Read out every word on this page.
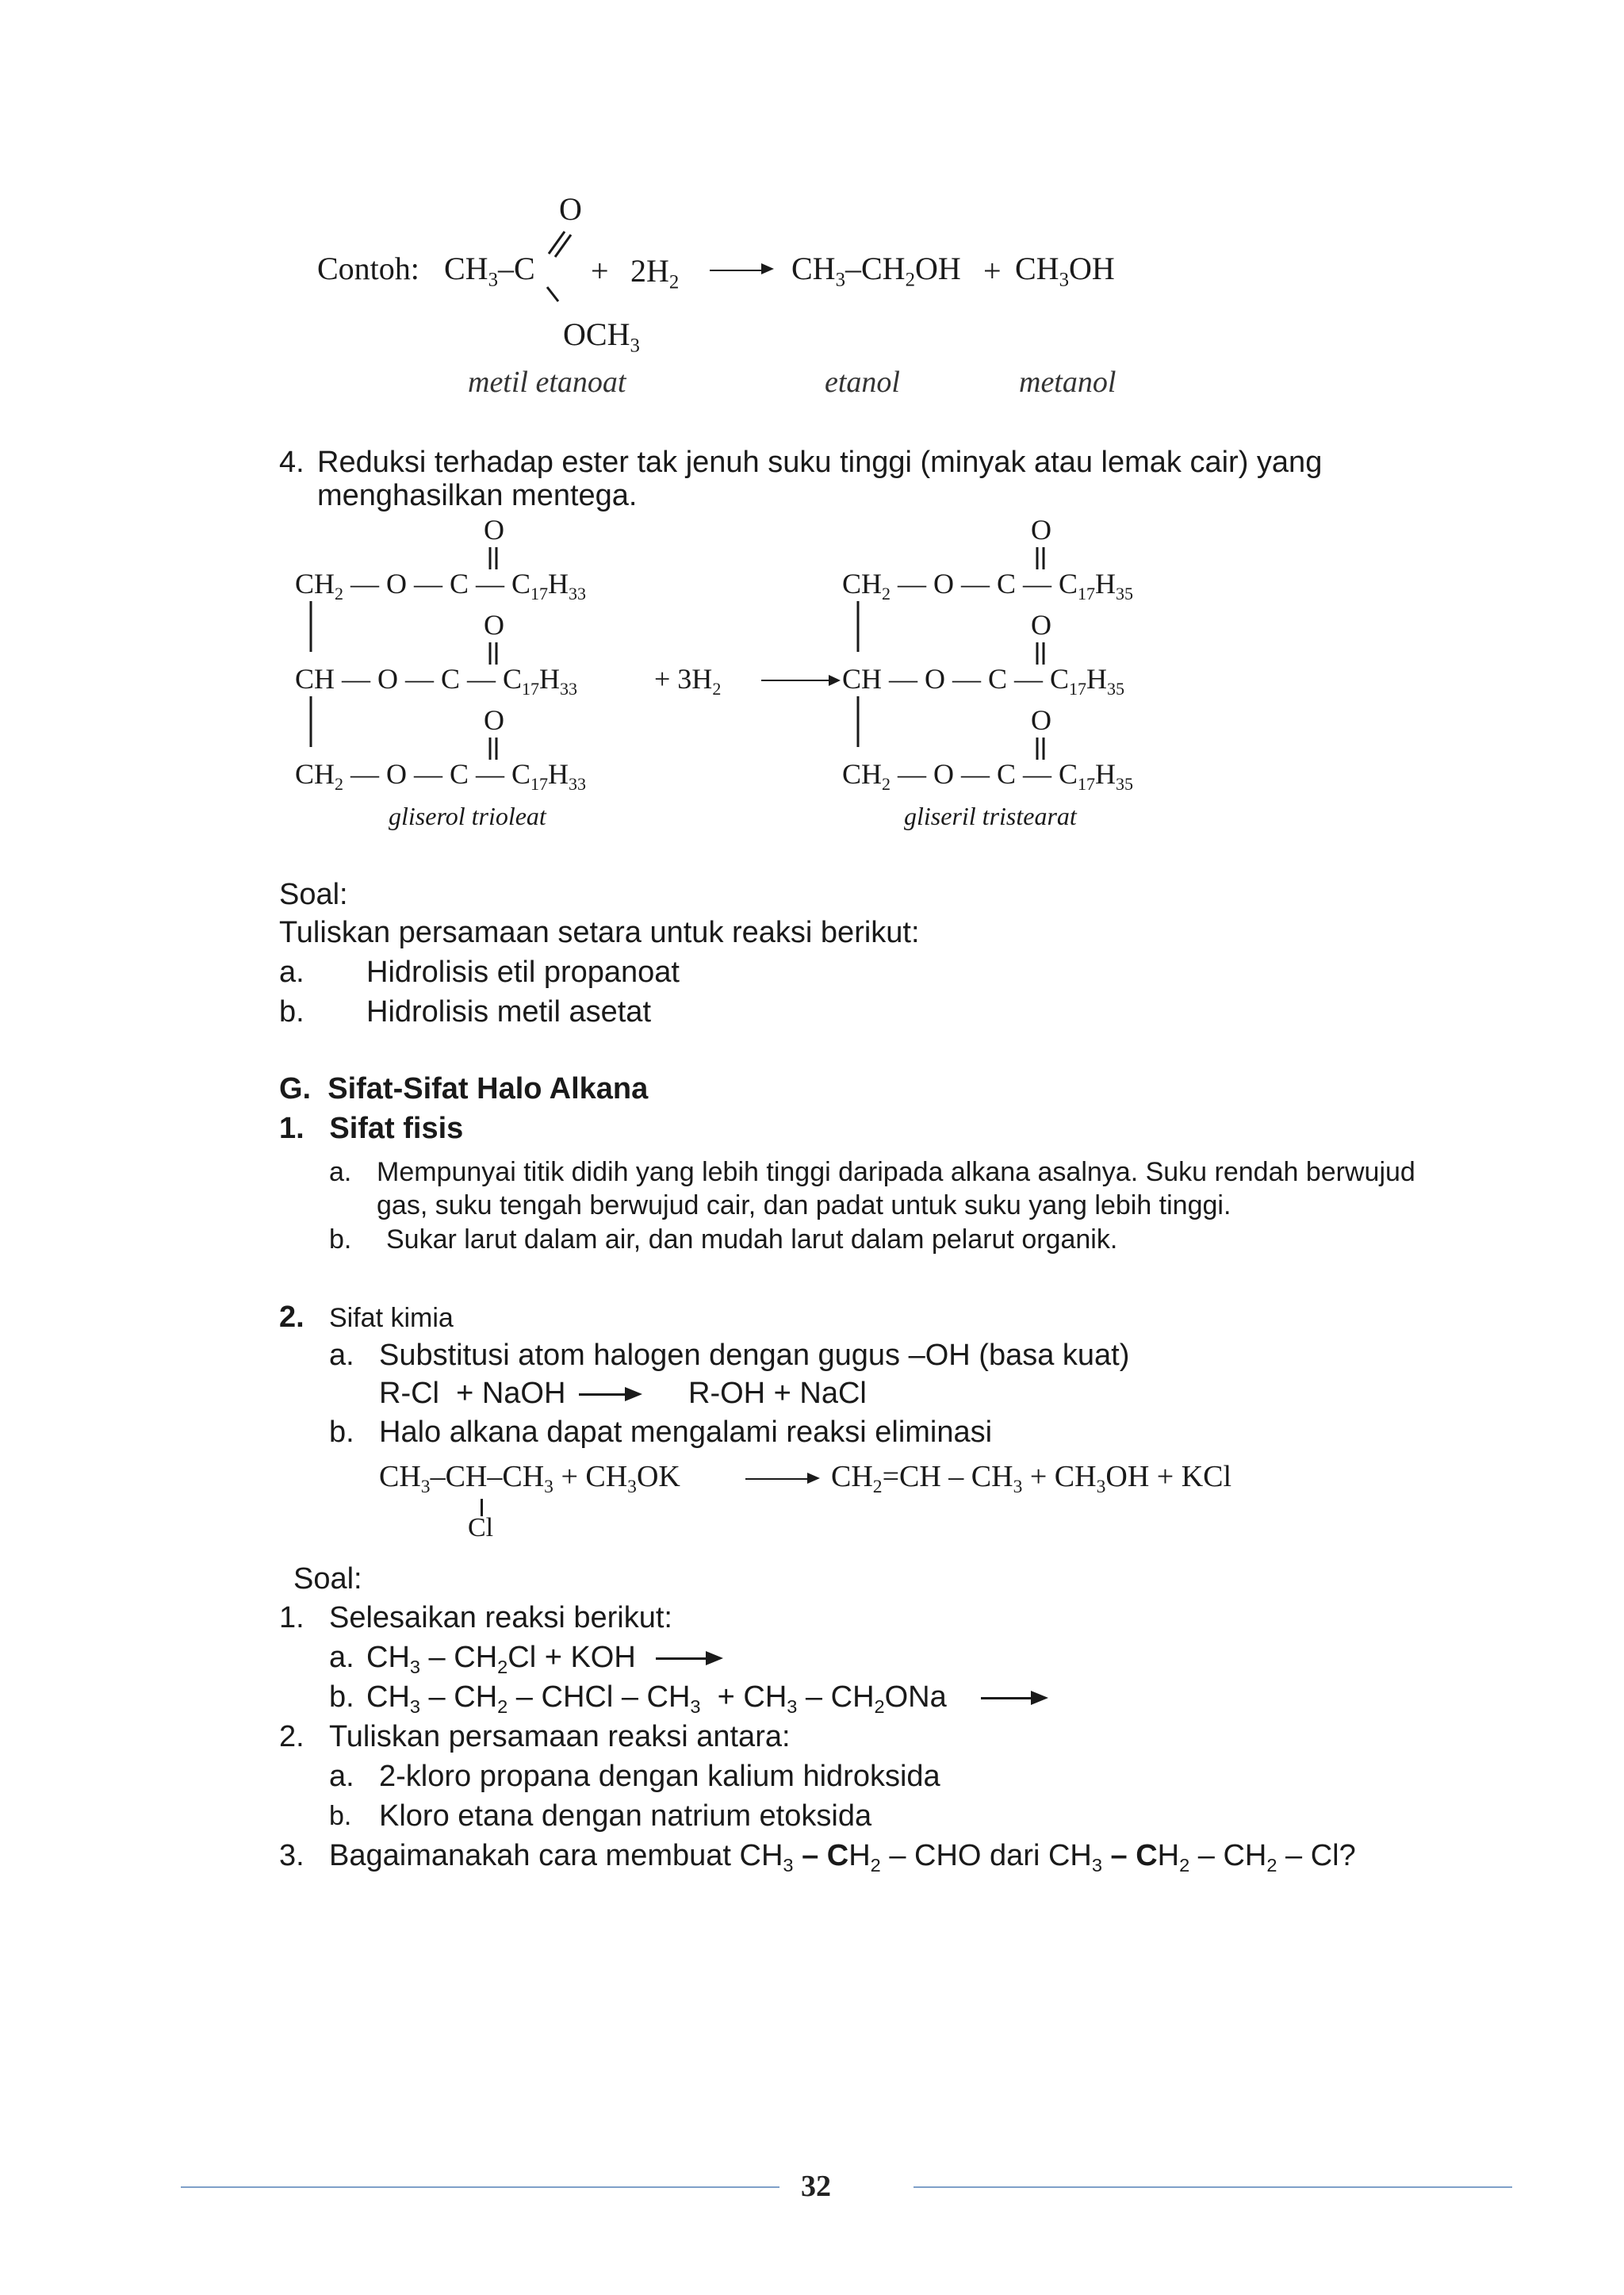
Contoh: $CH_3-C$
O
$OCH_3$
+ $2H_2$	$CH_3-CH_2OH + CH_3OH$
metil etanoat	etanol	metanol
4. Reduksi terhadap ester tak jenuh suku tinggi (minyak atau lemak cair) yang
menghasilkan mentega.
O
$CH_2$ — O — C — $C_{17}H_{33}$
O
CH — O — C — $C_{17}H_{33}$
O
$CH_2$ — O — C — $C_{17}H_{33}$
+ $3H_2$
O
$CH_2$ — O — C — $C_{17}H_{35}$
O
CH — O — C — $C_{17}H_{35}$
O
$CH_2$ — O — C — $C_{17}H_{35}$
gliserol trioleat	gliseril tristearat
Soal:
Tuliskan persamaan setara untuk reaksi berikut:
a. Hidrolisis etil propanoat
b. Hidrolisis metil asetat
G.  Sifat-Sifat Halo Alkana
1.   Sifat fisis
a. Mempunyai titik didih yang lebih tinggi daripada alkana asalnya. Suku rendah berwujud
gas, suku tengah berwujud cair, dan padat untuk suku yang lebih tinggi.
b. Sukar larut dalam air, dan mudah larut dalam pelarut organik.
2. Sifat kimia
a. Substitusi atom halogen dengan gugus –OH (basa kuat)
R-Cl  + NaOH	R-OH + NaCl
b. Halo alkana dapat mengalami reaksi eliminasi
$CH_3-CH-CH_3 + CH_3OK$	$CH_2=CH - CH_3 + CH_3OH$ + KCl
Cl
Soal:
1. Selesaikan reaksi berikut:
a. $CH_3 - CH_2Cl$ + KOH
b. $CH_3 - CH_2$ – CHCl – $CH_3 + CH_3 - CH_2ONa$
2. Tuliskan persamaan reaksi antara:
a. 2-kloro propana dengan kalium hidroksida
b. Kloro etana dengan natrium etoksida
3. Bagaimanakah cara membuat $CH_3 - CH_2$ – CHO dari $CH_3 - CH_2 - CH_2$ – Cl?
32
